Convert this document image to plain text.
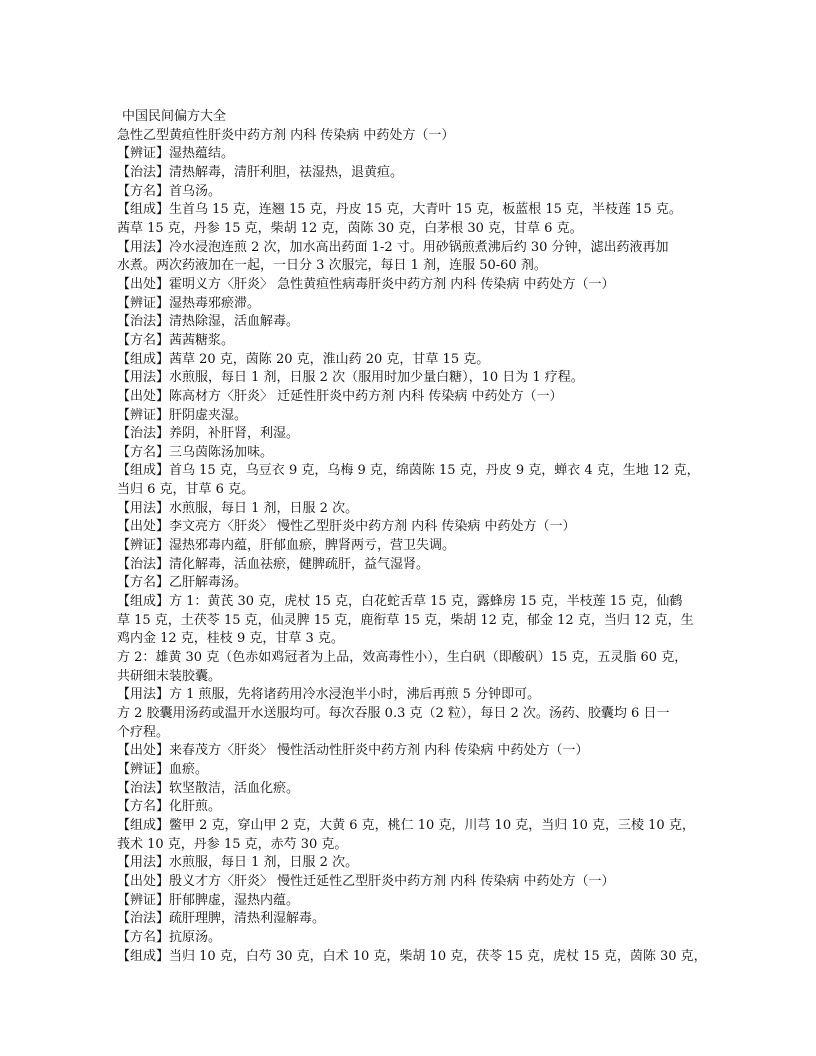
中国民间偏方大全
急性乙型黄疸性肝炎中药方剂 内科 传染病 中药处方（一）
【辨证】湿热蕴结。
【治法】清热解毒，清肝利胆，祛湿热，退黄疸。
【方名】首乌汤。
【组成】生首乌 15 克，连翘 15 克，丹皮 15 克，大青叶 15 克，板蓝根 15 克，半枝莲 15 克。
茜草 15 克，丹参 15 克，柴胡 12 克，茵陈 30 克，白茅根 30 克，甘草 6 克。
【用法】冷水浸泡连煎 2 次，加水高出药面 1-2 寸。用砂锅煎煮沸后约 30 分钟，滤出药液再加
水煮。两次药液加在一起，一日分 3 次服完，每日 1 剂，连服 50-60 剂。
【出处】霍明义方〈肝炎〉 急性黄疸性病毒肝炎中药方剂 内科 传染病 中药处方（一）
【辨证】湿热毒邪瘀滞。
【治法】清热除湿，活血解毒。
【方名】茜茜糖浆。
【组成】茜草 20 克，茵陈 20 克，淮山药 20 克，甘草 15 克。
【用法】水煎服，每日 1 剂，日服 2 次（服用时加少量白糖），10 日为 1 疗程。
【出处】陈高材方〈肝炎〉 迁延性肝炎中药方剂 内科 传染病 中药处方（一）
【辨证】肝阴虚夹湿。
【治法】养阴，补肝肾，利湿。
【方名】三乌茵陈汤加味。
【组成】首乌 15 克，乌豆衣 9 克，乌梅 9 克，绵茵陈 15 克，丹皮 9 克，蝉衣 4 克，生地 12 克，
当归 6 克，甘草 6 克。
【用法】水煎服，每日 1 剂，日服 2 次。
【出处】李文亮方〈肝炎〉 慢性乙型肝炎中药方剂 内科 传染病 中药处方（一）
【辨证】湿热邪毒内蕴，肝郁血瘀，脾肾两亏，营卫失调。
【治法】清化解毒，活血祛瘀，健脾疏肝，益气湿肾。
【方名】乙肝解毒汤。
【组成】方 1：黄芪 30 克，虎杖 15 克，白花蛇舌草 15 克，露蜂房 15 克，半枝莲 15 克，仙鹤
草 15 克，土茯苓 15 克，仙灵脾 15 克，鹿衔草 15 克，柴胡 12 克，郁金 12 克，当归 12 克，生
鸡内金 12 克，桂枝 9 克，甘草 3 克。
方 2：雄黄 30 克（色赤如鸡冠者为上品，效高毒性小），生白矾（即酸矾）15 克，五灵脂 60 克，
共研细末装胶囊。
【用法】方 1 煎服，先将诸药用冷水浸泡半小时，沸后再煎 5 分钟即可。
方 2 胶囊用汤药或温开水送服均可。每次吞服 0.3 克（2 粒），每日 2 次。汤药、胶囊均 6 日一
个疗程。
【出处】来春茂方〈肝炎〉 慢性活动性肝炎中药方剂 内科 传染病 中药处方（一）
【辨证】血瘀。
【治法】软坚散洁，活血化瘀。
【方名】化肝煎。
【组成】鳖甲 2 克，穿山甲 2 克，大黄 6 克，桃仁 10 克，川芎 10 克，当归 10 克，三棱 10 克，
莪术 10 克，丹参 15 克，赤芍 30 克。
【用法】水煎服，每日 1 剂，日服 2 次。
【出处】殷义才方〈肝炎〉 慢性迁延性乙型肝炎中药方剂 内科 传染病 中药处方（一）
【辨证】肝郁脾虚，湿热内蕴。
【治法】疏肝理脾，清热利湿解毒。
【方名】抗原汤。
【组成】当归 10 克，白芍 30 克，白术 10 克，柴胡 10 克，茯苓 15 克，虎杖 15 克，茵陈 30 克，
